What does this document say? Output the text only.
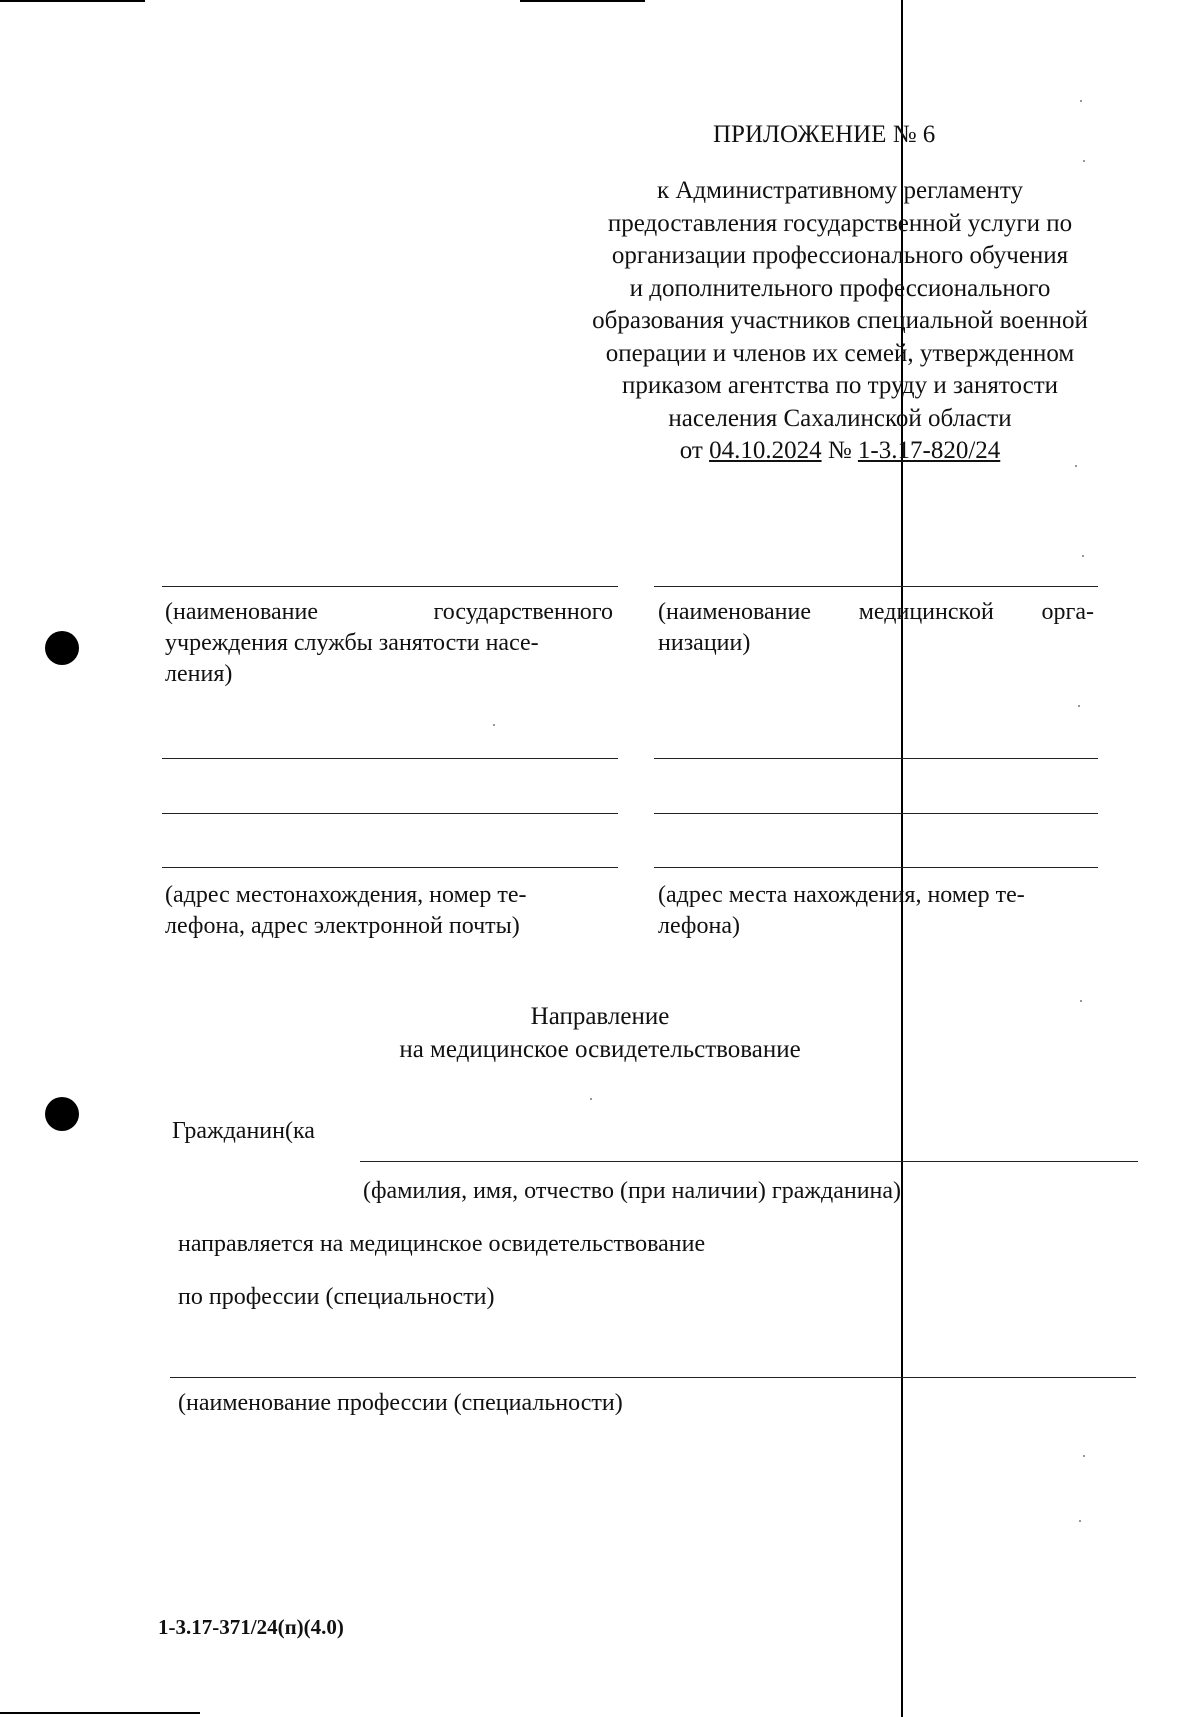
ПРИЛОЖЕНИЕ № 6
к Административному регламенту
предоставления государственной услуги по
организации профессионального обучения
и дополнительного профессионального
образования участников специальной военной
операции и членов их семей, утвержденном
приказом агентства по труду и занятости
населения Сахалинской области
от 04.10.2024 № 1-3.17-820/24
(наименование государственного
учреждения службы занятости насе-
ления)
(адрес местонахождения, номер те-
лефона, адрес электронной почты)
(наименование медицинской орга-
низации)
(адрес места нахождения, номер те-
лефона)
Направление
на медицинское освидетельствование
Гражданин(ка
(фамилия, имя, отчество (при наличии) гражданина)
направляется на медицинское освидетельствование
по профессии (специальности)
(наименование профессии (специальности)
1-3.17-371/24(п)(4.0)
